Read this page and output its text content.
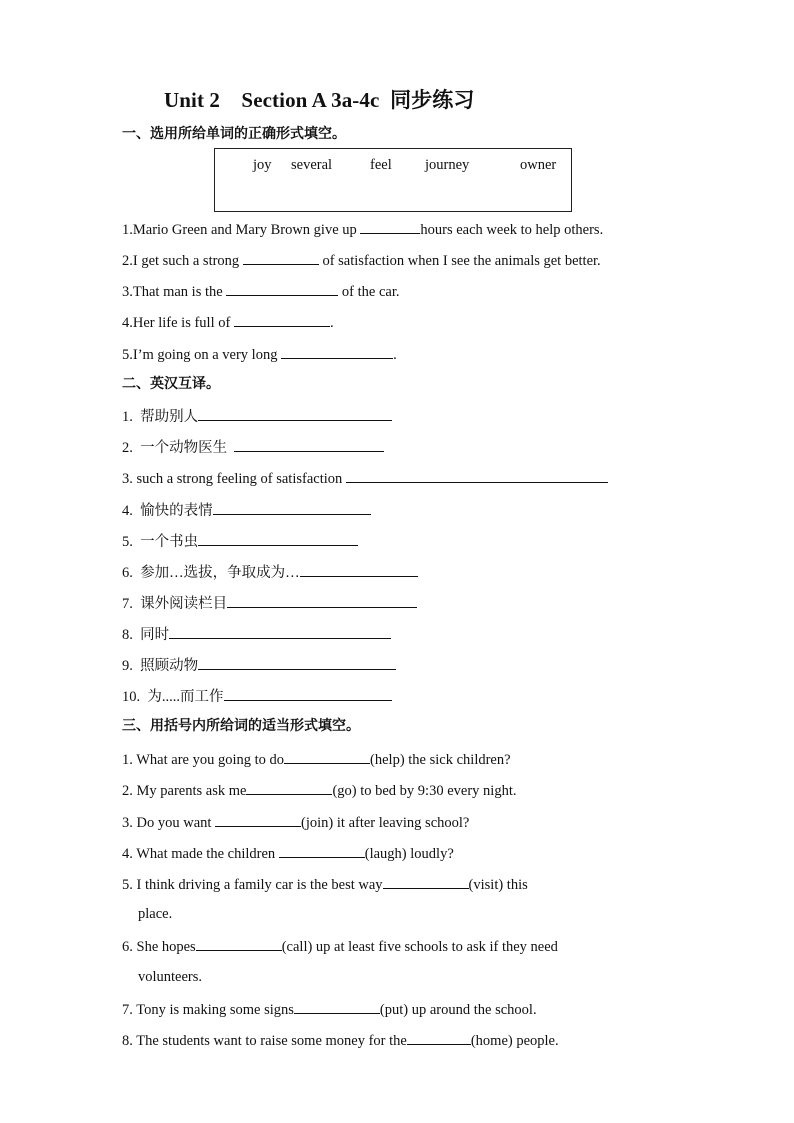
Unit 2    Section A 3a-4c  同步练习
一、选用所给单词的正确形式填空。
joy several	feel journey	owner
1.Mario Green and Mary Brown give up	hours each week to help others.
2.I get such a strong	of satisfaction when I see the animals get better.
3.That man is the	of the car.
4.Her life is full of	.
5.I’m going on a very long	.
二、英汉互译。
1.  帮助别人
2.  一个动物医生
3. such a strong feeling of satisfaction
4.  愉快的表情
5.  一个书虫
6.  参加…选拔，争取成为…
7.  课外阅读栏目
8.  同时
9.  照顾动物
10.  为.....而工作
三、用括号内所给词的适当形式填空。
1. What are you going to do	(help) the sick children?
2. My parents ask me	(go) to bed by 9:30 every night.
3. Do you want	(join) it after leaving school?
4. What made the children	(laugh) loudly?
5. I think driving a family car is the best way	(visit) this
place.
6. She hopes	(call) up at least five schools to ask if they need
volunteers.
7. Tony is making some signs	(put) up around the school.
8. The students want to raise some money for the	(home) people.
